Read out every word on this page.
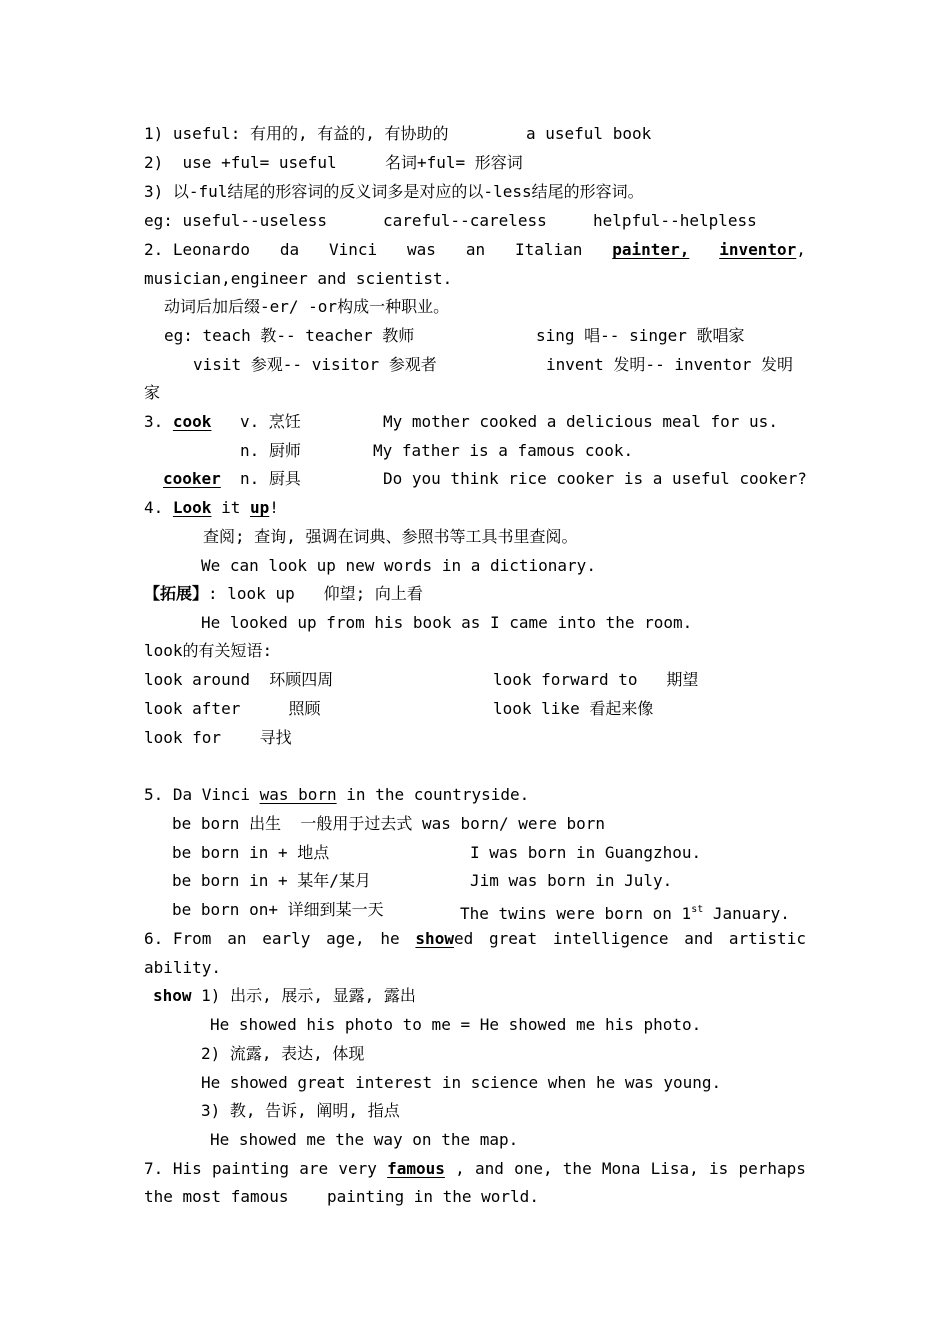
1) useful: 有用的, 有益的, 有协助的	a useful book
2)  use +ful= useful	名词+ful= 形容词
3) 以-ful结尾的形容词的反义词多是对应的以-less结尾的形容词。
eg: useful--useless	careful--careless	helpful--helpless
2. Leonardo da Vinci was an Italian painter, inventor,
musician,engineer and scientist.
动词后加后缀-er/ -or构成一种职业。
eg: teach 教-- teacher 教师	sing 唱-- singer 歌唱家
visit 参观-- visitor 参观者	invent 发明-- inventor 发明
家
3. cook v. 烹饪	My mother cooked a delicious meal for us.
n. 厨师	My father is a famous cook.
cooker n. 厨具	Do you think rice cooker is a useful cooker?
4. Look it up!
查阅; 查询, 强调在词典、参照书等工具书里查阅。
We can look up new words in a dictionary.
【拓展】: look up   仰望; 向上看
He looked up from his book as I came into the room.
look的有关短语:
look around  环顾四周	look forward to   期望
look after     照顾	look like 看起来像
look for    寻找
5. Da Vinci was born in the countryside.
be born 出生  一般用于过去式 was born/ were born
be born in + 地点	I was born in Guangzhou.
be born in + 某年/某月	Jim was born in July.
be born on+ 详细到某一天	The twins were born on 1st January.
6. From an early age, he showed great intelligence and artistic
ability.
show 1) 出示, 展示, 显露, 露出
He showed his photo to me = He showed me his photo.
2) 流露, 表达, 体现
He showed great interest in science when he was young.
3) 教, 告诉, 阐明, 指点
He showed me the way on the map.
7. His painting are very famous , and one, the Mona Lisa, is perhaps
the most famous    painting in the world.
